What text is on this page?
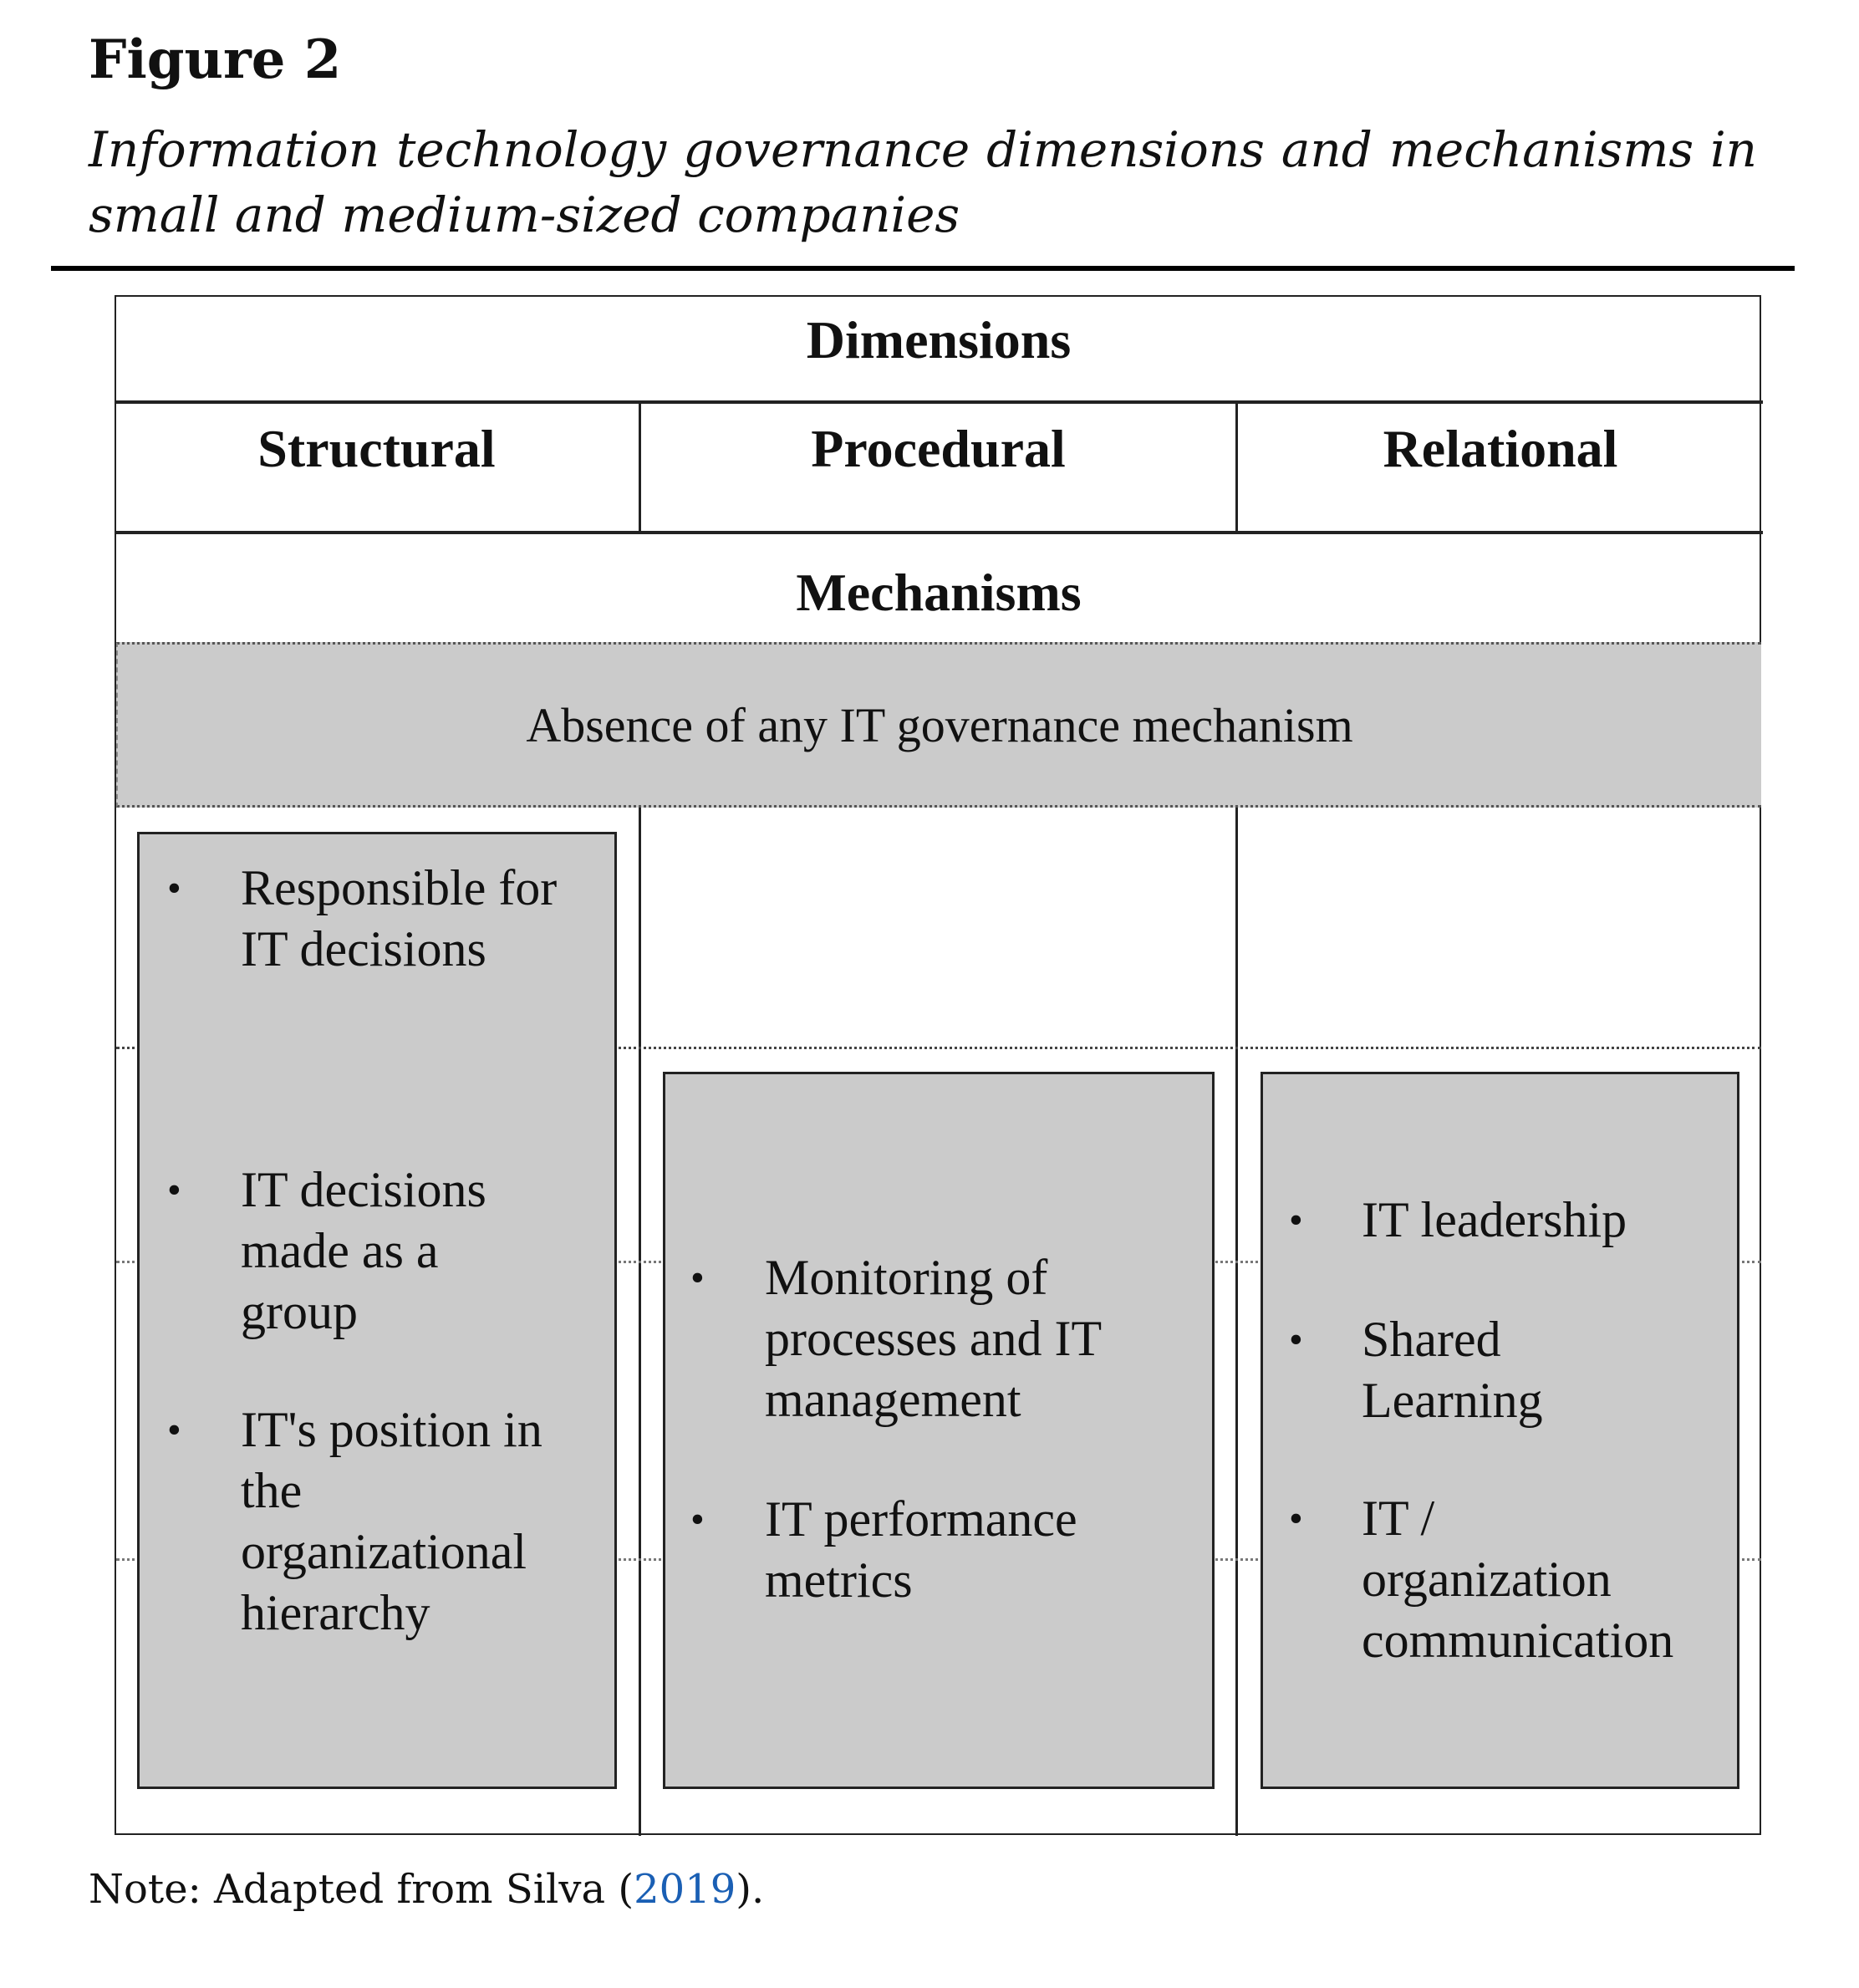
Figure 2
Information technology governance dimensions and mechanisms in small and medium-sized companies
Dimensions
Structural	Procedural	Relational
Mechanisms
Absence of any IT governance mechanism
• Responsible for
IT decisions
• IT decisions
made as a
group
• IT's position in
the
organizational
hierarchy
• Monitoring of
processes and IT
management
• IT performance
metrics
• IT leadership
• Shared
Learning
• IT /
organization
communication
Note: Adapted from Silva (2019).
